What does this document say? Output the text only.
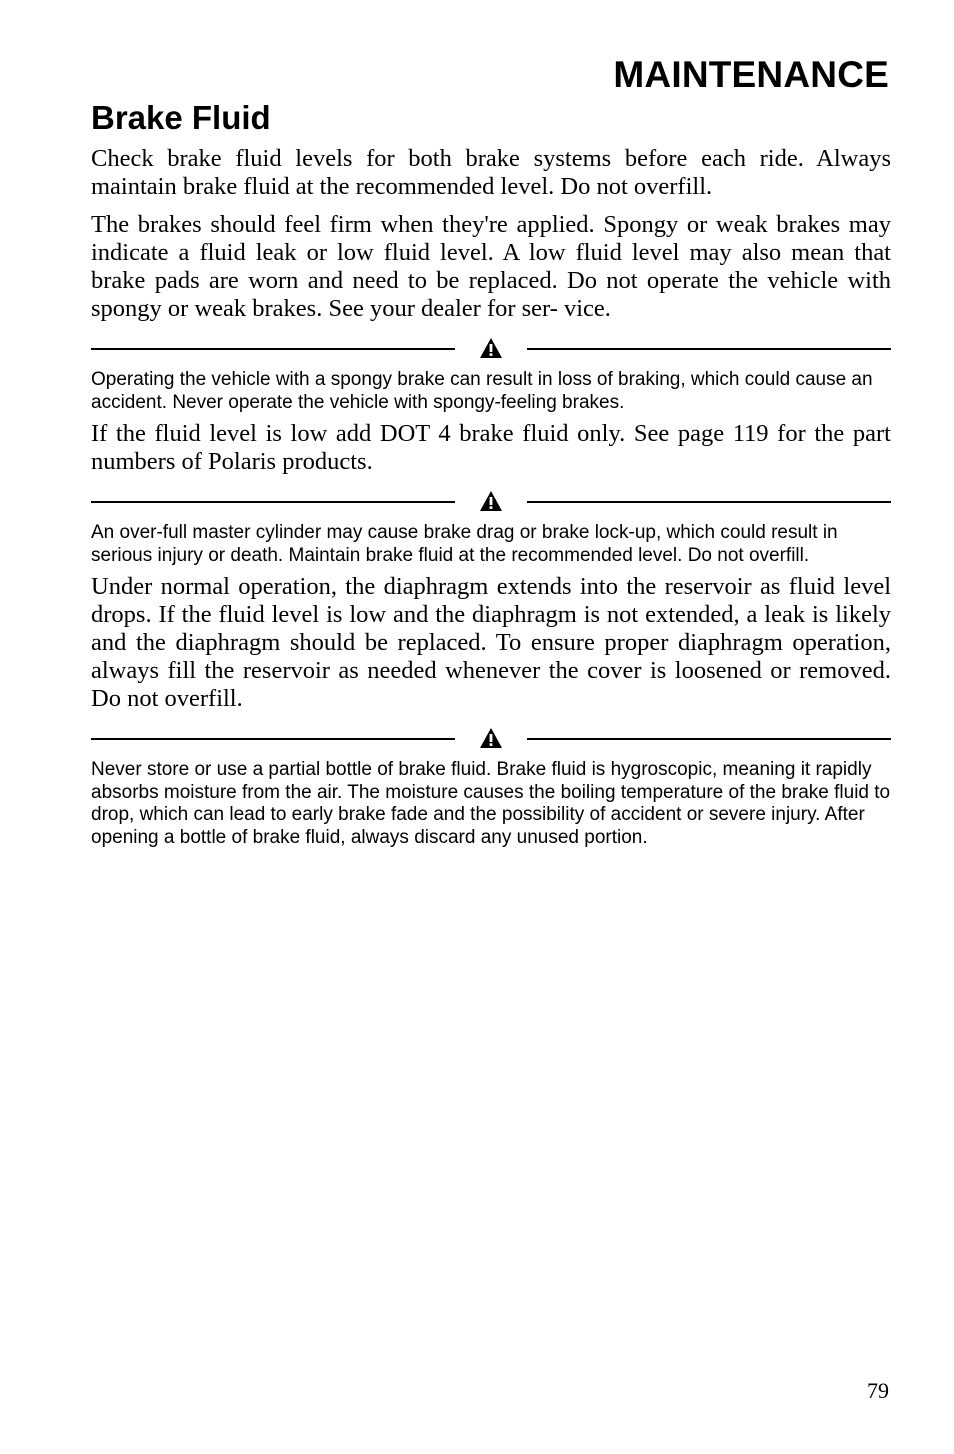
MAINTENANCE
Brake Fluid

Check brake fluid levels for both brake systems before each ride. Always maintain brake fluid at the recommended level. Do not overfill.

The brakes should feel firm when they're applied. Spongy or weak brakes may indicate a fluid leak or low fluid level. A low fluid level may also mean that brake pads are worn and need to be replaced. Do not operate the vehicle with spongy or weak brakes. See your dealer for ser- vice.

Operating the vehicle with a spongy brake can result in loss of braking, which could cause an accident. Never operate the vehicle with spongy-feeling brakes.

If the fluid level is low add DOT 4 brake fluid only. See page 119 for the part numbers of Polaris products.

An over-full master cylinder may cause brake drag or brake lock-up, which could result in serious injury or death. Maintain brake fluid at the recommended level. Do not overfill.

Under normal operation, the diaphragm extends into the reservoir as fluid level drops. If the fluid level is low and the diaphragm is not extended, a leak is likely and the diaphragm should be replaced. To ensure proper diaphragm operation, always fill the reservoir as needed whenever the cover is loosened or removed. Do not overfill.

Never store or use a partial bottle of brake fluid. Brake fluid is hygroscopic, meaning it rapidly absorbs moisture from the air. The moisture causes the boiling temperature of the brake fluid to drop, which can lead to early brake fade and the possibility of accident or severe injury. After opening a bottle of brake fluid, always discard any unused portion.

79
